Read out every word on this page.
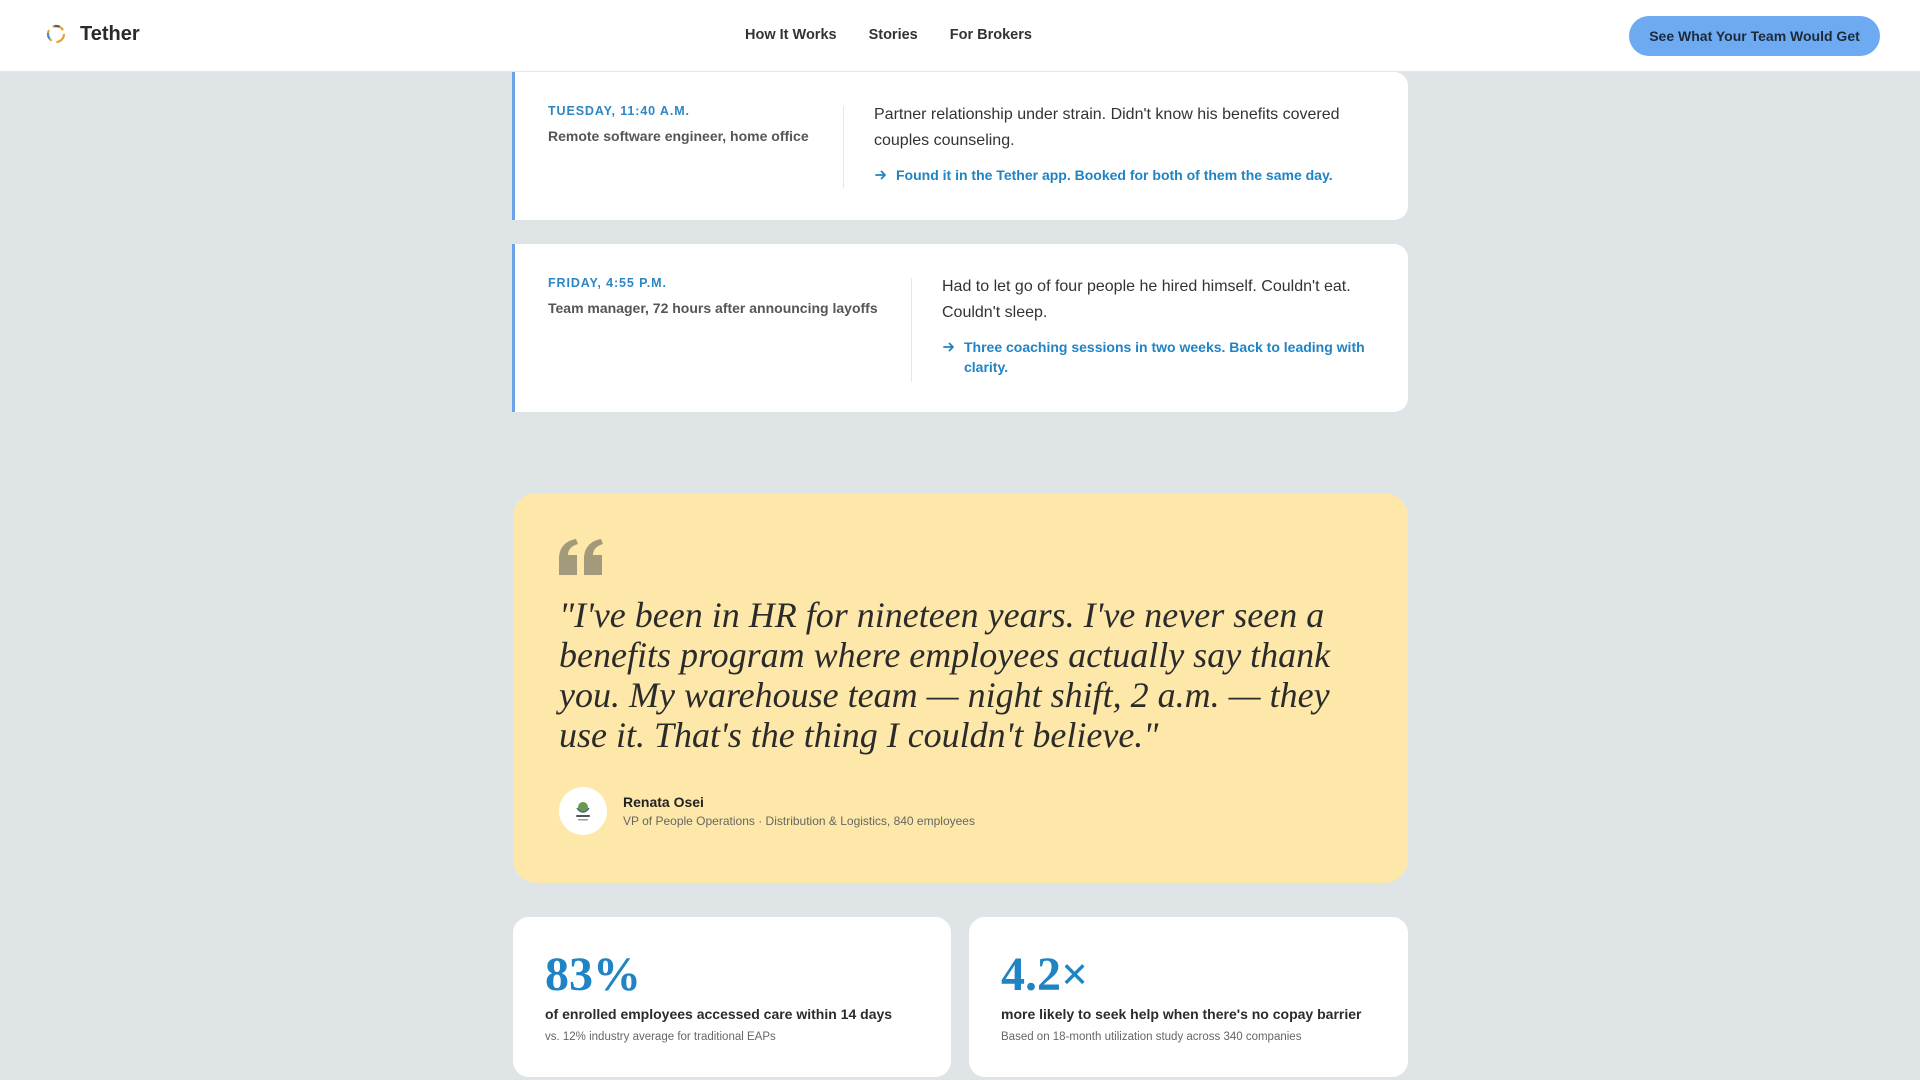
Tether	How It Works Stories For Brokers	See What Your Team Would Get
TUESDAY, 11:40 A.M.
Remote software engineer, home office

Partner relationship under strain. Didn't know his benefits covered couples counseling.

Found it in the Tether app. Booked for both of them the same day.
FRIDAY, 4:55 P.M.
Team manager, 72 hours after announcing layoffs

Had to let go of four people he hired himself. Couldn't eat. Couldn't sleep.

Three coaching sessions in two weeks. Back to leading with clarity.
"I've been in HR for nineteen years. I've never seen a benefits program where employees actually say thank you. My warehouse team — night shift, 2 a.m. — they use it. That's the thing I couldn't believe."
Renata Osei
VP of People Operations · Distribution & Logistics, 840 employees
83%
of enrolled employees accessed care within 14 days
vs. 12% industry average for traditional EAPs
4.2×
more likely to seek help when there's no copay barrier
Based on 18-month utilization study across 340 companies
